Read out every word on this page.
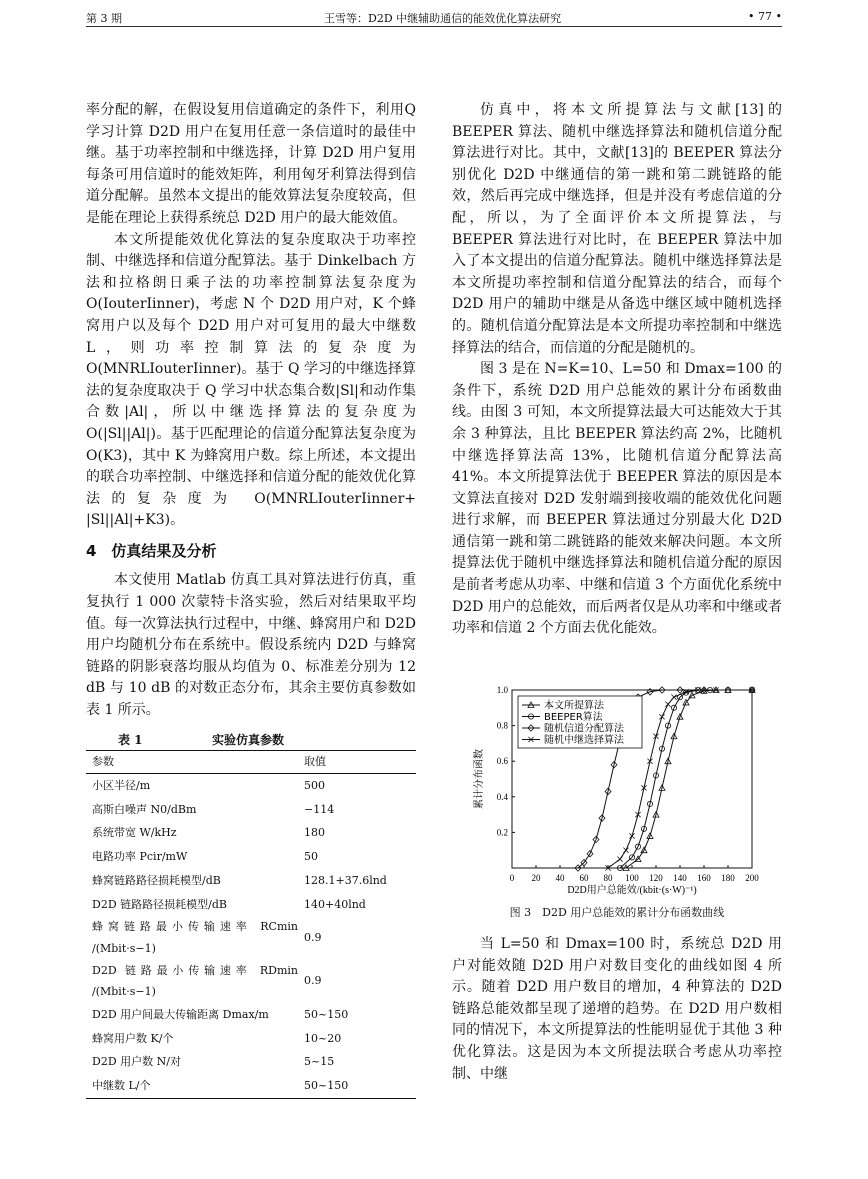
第 3 期	王雪等：D2D 中继辅助通信的能效优化算法研究	• 77 •

率分配的解，在假设复用信道确定的条件下，利用Q 学习计算 D2D 用户在复用任意一条信道时的最佳中继。基于功率控制和中继选择，计算 D2D 用户复用每条可用信道时的能效矩阵，利用匈牙利算法得到信道分配解。虽然本文提出的能效算法复杂度较高，但是能在理论上获得系统总 D2D 用户的最大能效值。

本文所提能效优化算法的复杂度取决于功率控制、中继选择和信道分配算法。基于 Dinkelbach 方法和拉格朗日乘子法的功率控制算法复杂度为 O(IouterIinner)，考虑 N 个 D2D 用户对，K 个蜂窝用户以及每个 D2D 用户对可复用的最大中继数 L，则功率控制算法的复杂度为 O(MNRLIouterIinner)。基于 Q 学习的中继选择算法的复杂度取决于 Q 学习中状态集合数|Sl|和动作集合数|Al|，所以中继选择算法的复杂度为 O(|Sl||Al|)。基于匹配理论的信道分配算法复杂度为 O(K3)，其中 K 为蜂窝用户数。综上所述，本文提出的联合功率控制、中继选择和信道分配的能效优化算法的复杂度为 O(MNRLIouterIinner+ |Sl||Al|+K3)。

4　仿真结果及分析

本文使用 Matlab 仿真工具对算法进行仿真，重复执行 1 000 次蒙特卡洛实验，然后对结果取平均值。每一次算法执行过程中，中继、蜂窝用户和 D2D 用户均随机分布在系统中。假设系统内 D2D 与蜂窝链路的阴影衰落均服从均值为 0、标准差分别为 12 dB 与 10 dB 的对数正态分布，其余主要仿真参数如表 1 所示。

表 1	实验仿真参数
参数	取值
小区半径/m	500
高斯白噪声 N0/dBm	−114
系统带宽 W/kHz	180
电路功率 Pcir/mW	50
蜂窝链路路径损耗模型/dB	128.1+37.6lnd
D2D 链路路径损耗模型/dB	140+40lnd
蜂窝链路最小传输速率 RCmin /(Mbit·s−1)	0.9
D2D 链路最小传输速率 RDmin /(Mbit·s−1)	0.9
D2D 用户间最大传输距离 Dmax/m	50~150
蜂窝用户数 K/个	10~20
D2D 用户数 N/对	5~15
中继数 L/个	50~150

仿真中，将本文所提算法与文献[13]的 BEEPER 算法、随机中继选择算法和随机信道分配算法进行对比。其中，文献[13]的 BEEPER 算法分别优化 D2D 中继通信的第一跳和第二跳链路的能效，然后再完成中继选择，但是并没有考虑信道的分配，所以，为了全面评价本文所提算法，与 BEEPER 算法进行对比时，在 BEEPER 算法中加入了本文提出的信道分配算法。随机中继选择算法是本文所提功率控制和信道分配算法的结合，而每个 D2D 用户的辅助中继是从备选中继区域中随机选择的。随机信道分配算法是本文所提功率控制和中继选择算法的结合，而信道的分配是随机的。

图 3 是在 N=K=10、L=50 和 Dmax=100 的条件下，系统 D2D 用户总能效的累计分布函数曲线。由图 3 可知，本文所提算法最大可达能效大于其余 3 种算法，且比 BEEPER 算法约高 2%，比随机中继选择算法高 13%，比随机信道分配算法高 41%。本文所提算法优于 BEEPER 算法的原因是本文算法直接对 D2D 发射端到接收端的能效优化问题进行求解，而 BEEPER 算法通过分别最大化 D2D 通信第一跳和第二跳链路的能效来解决问题。本文所提算法优于随机中继选择算法和随机信道分配的原因是前者考虑从功率、中继和信道 3 个方面优化系统中 D2D 用户的总能效，而后两者仅是从功率和中继或者功率和信道 2 个方面去优化能效。

0 20 40 60 80 100 120 140 160 180 200
0.2
0.4
0.6
0.8
1.0
D2D用户总能效/(kbit·(s·W)⁻¹)
累计分布函数
本文所提算法
BEEPER算法
随机信道分配算法
随机中继选择算法
图 3　D2D 用户总能效的累计分布函数曲线

当 L=50 和 Dmax=100 时，系统总 D2D 用户对能效随 D2D 用户对数目变化的曲线如图 4 所示。随着 D2D 用户数目的增加，4 种算法的 D2D 链路总能效都呈现了递增的趋势。在 D2D 用户数相同的情况下，本文所提算法的性能明显优于其他 3 种优化算法。这是因为本文所提法联合考虑从功率控制、中继
